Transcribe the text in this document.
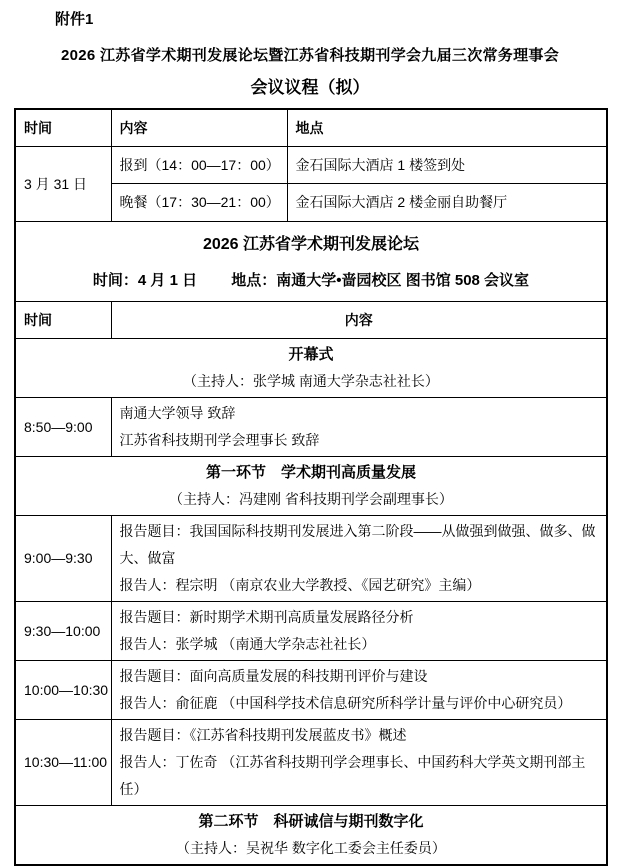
附件1
2026 江苏省学术期刊发展论坛暨江苏省科技期刊学会九届三次常务理事会
会议议程（拟）
时间	内容	地点
3 月 31 日	报到（14：00—17：00）	金石国际大酒店 1 楼签到处
	晚餐（17：30—21：00）	金石国际大酒店 2 楼金丽自助餐厅

2026 江苏省学术期刊发展论坛
时间：4 月 1 日　　 地点：南通大学•啬园校区 图书馆 508 会议室		

时间	内容	

开幕式
（主持人：张学城 南通大学杂志社社长）		

8:50—9:00	南通大学领导 致辞
江苏省科技期刊学会理事长 致辞	

第一环节　学术期刊高质量发展
（主持人：冯建刚 省科技期刊学会副理事长）		

9:00—9:30	报告题目：我国国际科技期刊发展进入第二阶段——从做强到做强、做多、做大、做富
报告人：程宗明 （南京农业大学教授、《园艺研究》主编）	

9:30—10:00	报告题目：新时期学术期刊高质量发展路径分析
报告人：张学城 （南通大学杂志社社长）	

10:00—10:30	报告题目：面向高质量发展的科技期刊评价与建设
报告人：俞征鹿 （中国科学技术信息研究所科学计量与评价中心研究员）	

10:30—11:00	报告题目：《江苏省科技期刊发展蓝皮书》概述
报告人：丁佐奇 （江苏省科技期刊学会理事长、中国药科大学英文期刊部主任）	

第二环节　科研诚信与期刊数字化
（主持人：吴祝华 数字化工委会主任委员）		
